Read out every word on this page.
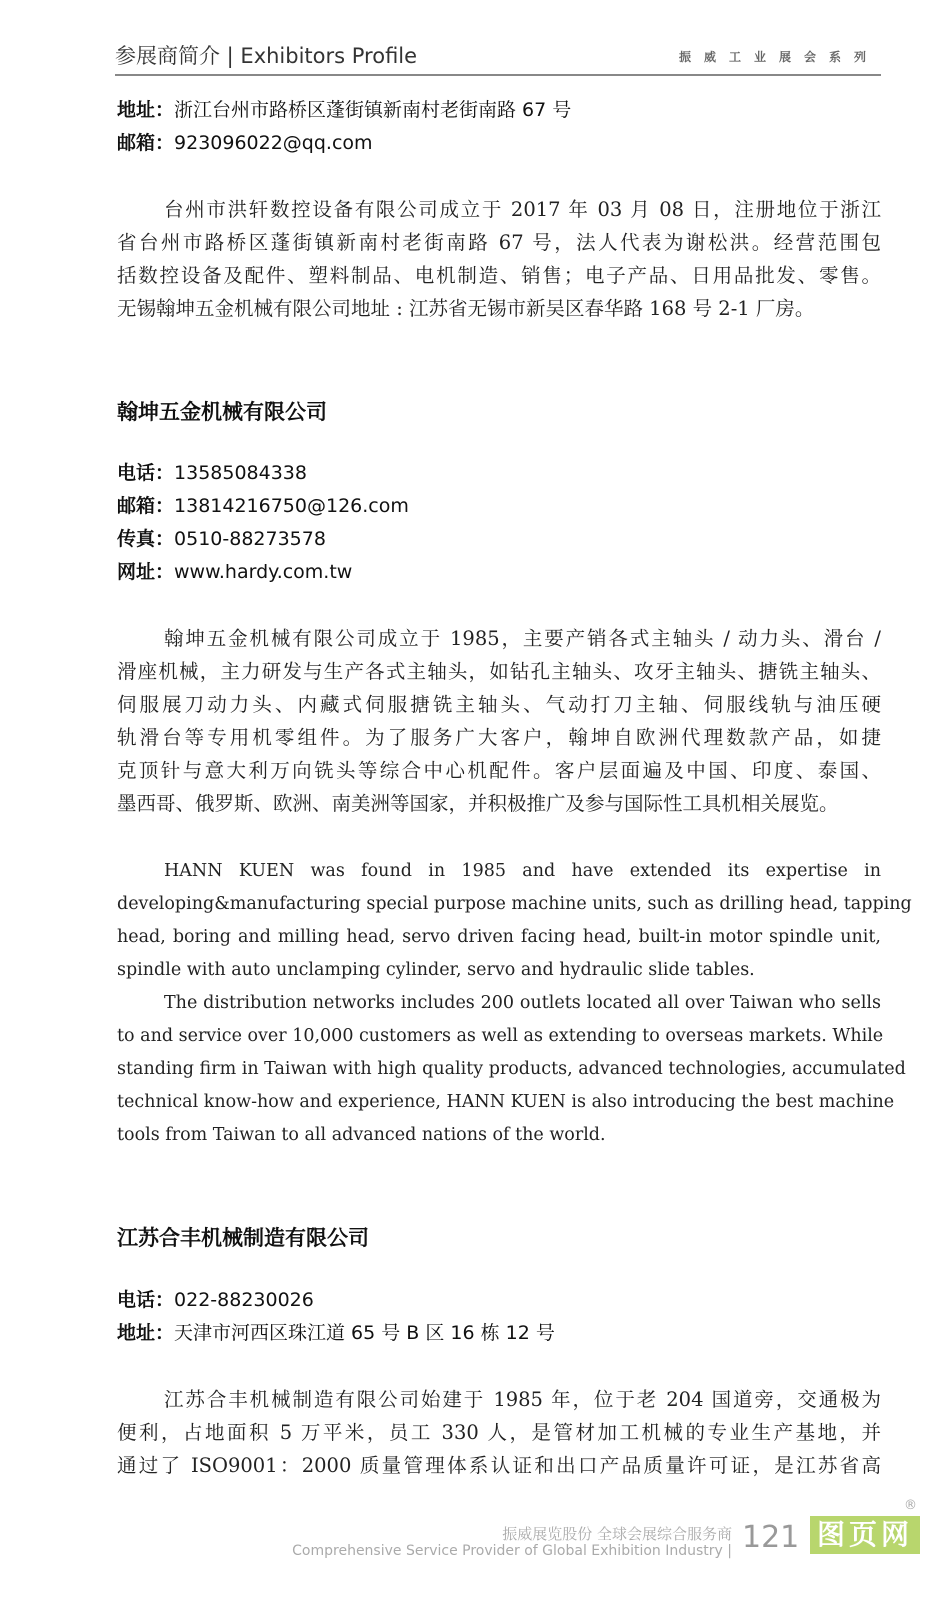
参展商简介 | Exhibitors Profile	振威工业展会系列
地址：浙江台州市路桥区蓬街镇新南村老街南路 67 号
邮箱：923096022@qq.com
台州市洪轩数控设备有限公司成立于 2017 年 03 月 08 日，注册地位于浙江
省台州市路桥区蓬街镇新南村老街南路 67 号，法人代表为谢松洪。经营范围包
括数控设备及配件、塑料制品、电机制造、销售；电子产品、日用品批发、零售。
无锡翰坤五金机械有限公司地址 : 江苏省无锡市新吴区春华路 168 号 2-1 厂房。
翰坤五金机械有限公司
电话：13585084338
邮箱：13814216750@126.com
传真：0510-88273578
网址：www.hardy.com.tw
翰坤五金机械有限公司成立于 1985，主要产销各式主轴头 / 动力头、滑台 /
滑座机械，主力研发与生产各式主轴头，如钻孔主轴头、攻牙主轴头、搪铣主轴头、
伺服展刀动力头、内藏式伺服搪铣主轴头、气动打刀主轴、伺服线轨与油压硬
轨滑台等专用机零组件。为了服务广大客户，翰坤自欧洲代理数款产品，如捷
克顶针与意大利万向铣头等综合中心机配件。客户层面遍及中国、印度、泰国、
墨西哥、俄罗斯、欧洲、南美洲等国家，并积极推广及参与国际性工具机相关展览。
HANN KUEN was found in 1985 and have extended its expertise in
developing&manufacturing special purpose machine units, such as drilling head, tapping
head, boring and milling head, servo driven facing head, built-in motor spindle unit,
spindle with auto unclamping cylinder, servo and hydraulic slide tables.
The distribution networks includes 200 outlets located all over Taiwan who sells
to and service over 10,000 customers as well as extending to overseas markets. While
standing firm in Taiwan with high quality products, advanced technologies, accumulated
technical know-how and experience, HANN KUEN is also introducing the best machine
tools from Taiwan to all advanced nations of the world.
江苏合丰机械制造有限公司
电话：022-88230026
地址：天津市河西区珠江道 65 号 B 区 16 栋 12 号
江苏合丰机械制造有限公司始建于 1985 年，位于老 204 国道旁，交通极为
便利，占地面积 5 万平米，员工 330 人，是管材加工机械的专业生产基地，并
通过了 ISO9001：2000 质量管理体系认证和出口产品质量许可证，是江苏省高
振威展览股份 全球会展综合服务商
Comprehensive Service Provider of Global Exhibition Industry | 121 图页网
®
